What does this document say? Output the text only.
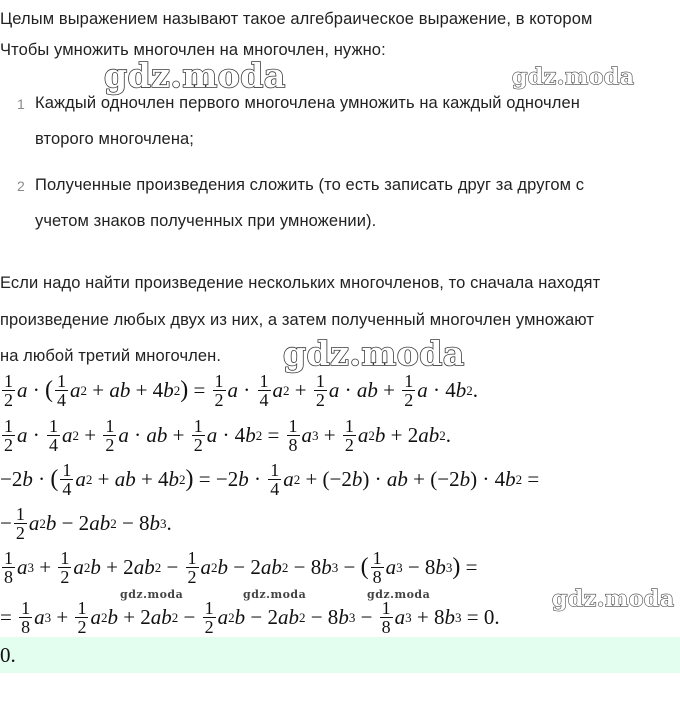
Целым выражением называют такое алгебраическое выражение, в котором
Чтобы умножить многочлен на многочлен, нужно:
1 Каждый одночлен первого многочлена умножить на каждый одночлен
второго многочлена;
2 Полученные произведения сложить (то есть записать друг за другом с
учетом знаков полученных при умножении).
Если надо найти произведение нескольких многочленов, то сначала находят
произведение любых двух из них, а затем полученный многочлен умножают
на любой третий многочлен.
gdz.moda	gdz.moda
gdz.moda
gdz.moda	gdz.moda	gdz.moda	gdz.moda
$\frac{1}{2}$ a · ( $\frac{1}{4}$ a 2 + ab + 4 b 2 ) = $\frac{1}{2}$ $a \cdot \frac{1}{4}$ a $2 + \frac{1}{2}$ a · ab + $\frac{1}{2}$ a · 4 b 2 .
$\frac{1}{2}$ $a \cdot \frac{1}{4}$ a $2 + \frac{1}{2}$ a · ab + $\frac{1}{2}$ a · 4 b $2 = \frac{1}{8}$ a $3 + \frac{1}{2}$ a 2 b + 2 ab 2 .
−2 b · ( $\frac{1}{4}$ a 2 + ab + 4 b 2 ) = −2 $b \cdot \frac{1}{4}$ a 2 + (−2 b ) · ab + (−2 b ) · 4 b 2 =
− $\frac{1}{2}$ a 2 b − 2 ab 2 − 8 b 3 .
$\frac{1}{8}$ a $3 + \frac{1}{2}$ a 2 b + 2 ab $2 - \frac{1}{2}$ a 2 b − 2 ab 2 − 8 b 3 − ( $\frac{1}{8}$ a 3 − 8 b 3 ) =
= $\frac{1}{8}$ a $3 + \frac{1}{2}$ a 2 b + 2 ab $2 - \frac{1}{2}$ a 2 b − 2 ab 2 − 8 b $3 - \frac{1}{8}$ a 3 + 8 b 3 = 0.
0.
